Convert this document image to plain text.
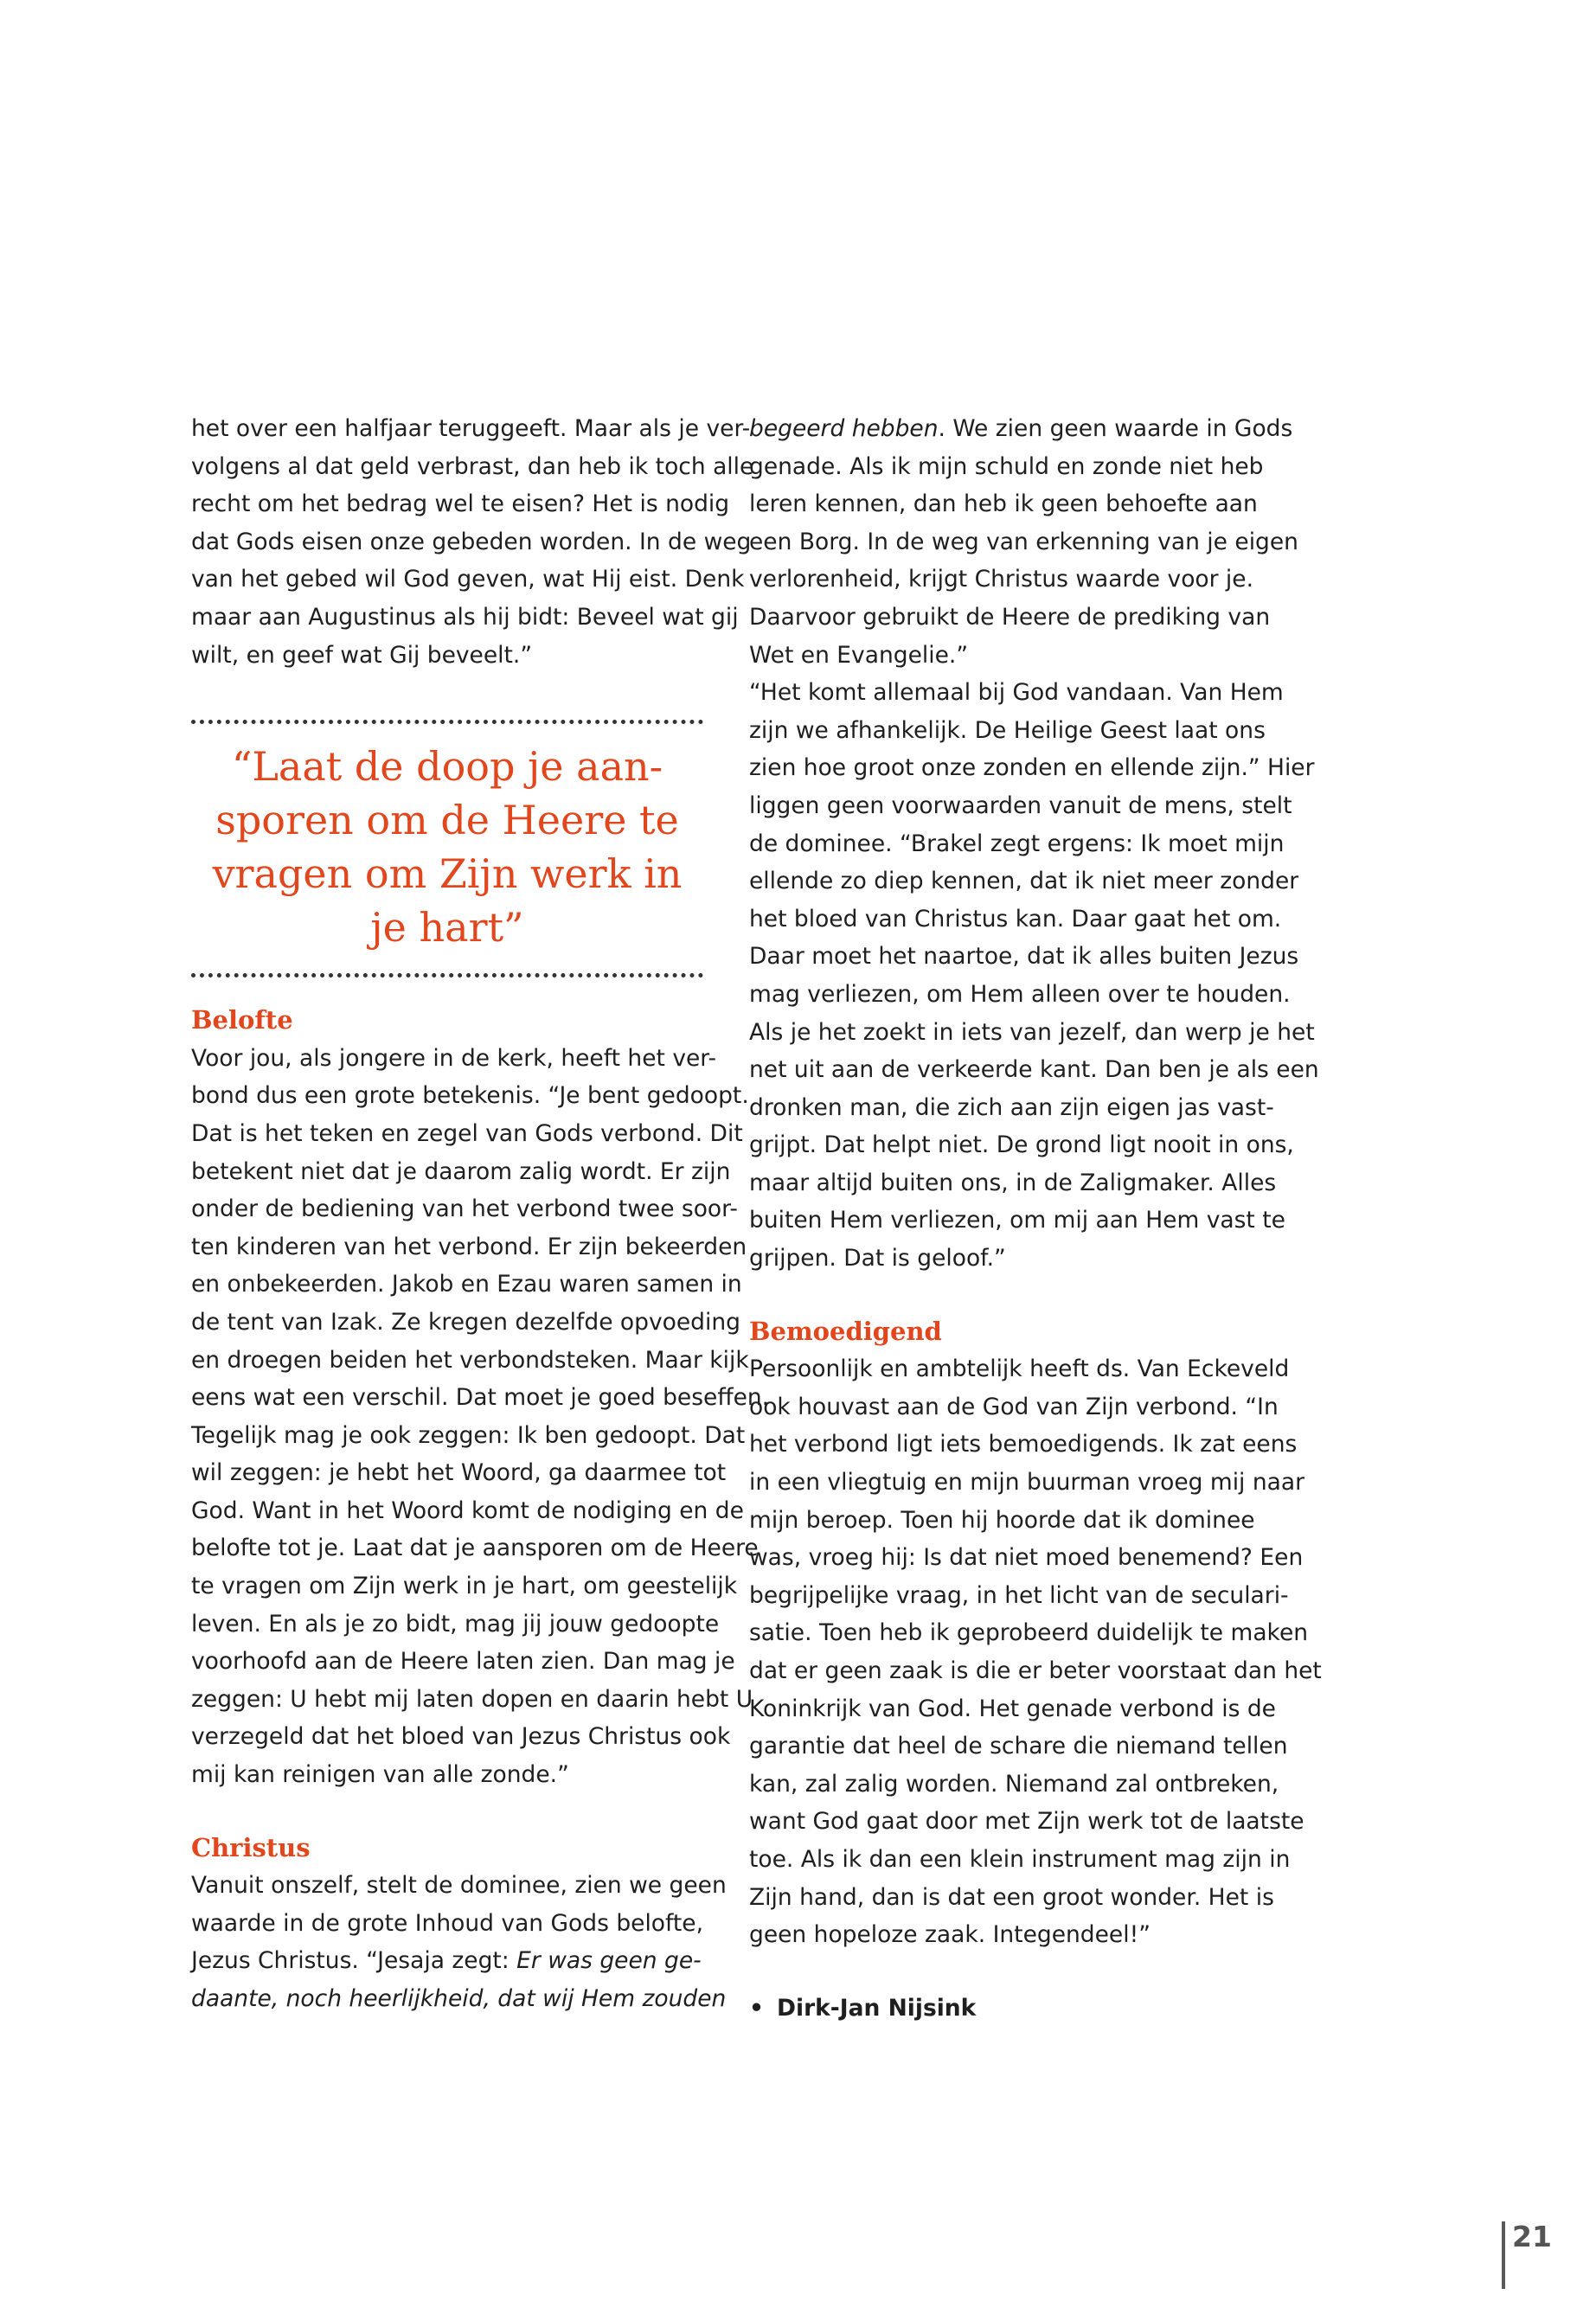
het over een halfjaar teruggeeft. Maar als je ver-

volgens al dat geld verbrast, dan heb ik toch alle

recht om het bedrag wel te eisen? Het is nodig

dat Gods eisen onze gebeden worden. In de weg

van het gebed wil God geven, wat Hij eist. Denk

maar aan Augustinus als hij bidt: Beveel wat gij

wilt, en geef wat Gij beveelt.”

“Laat de doop je aan-
sporen om de Heere te
vragen om Zijn werk in
je hart”
Belofte

Voor jou, als jongere in de kerk, heeft het ver-

bond dus een grote betekenis. “Je bent gedoopt.

Dat is het teken en zegel van Gods verbond. Dit

betekent niet dat je daarom zalig wordt. Er zijn

onder de bediening van het verbond twee soor-

ten kinderen van het verbond. Er zijn bekeerden

en onbekeerden. Jakob en Ezau waren samen in

de tent van Izak. Ze kregen dezelfde opvoeding

en droegen beiden het verbondsteken. Maar kijk

eens wat een verschil. Dat moet je goed beseffen.

Tegelijk mag je ook zeggen: Ik ben gedoopt. Dat

wil zeggen: je hebt het Woord, ga daarmee tot

God. Want in het Woord komt de nodiging en de

belofte tot je. Laat dat je aansporen om de Heere

te vragen om Zijn werk in je hart, om geestelijk

leven. En als je zo bidt, mag jij jouw gedoopte

voorhoofd aan de Heere laten zien. Dan mag je

zeggen: U hebt mij laten dopen en daarin hebt U

verzegeld dat het bloed van Jezus Christus ook

mij kan reinigen van alle zonde.”

Christus

Vanuit onszelf, stelt de dominee, zien we geen

waarde in de grote Inhoud van Gods belofte,

Jezus Christus. “Jesaja zegt: Er was geen ge-

daante, noch heerlijkheid, dat wij Hem zouden

begeerd hebben. We zien geen waarde in Gods

genade. Als ik mijn schuld en zonde niet heb

leren kennen, dan heb ik geen behoefte aan

een Borg. In de weg van erkenning van je eigen

verlorenheid, krijgt Christus waarde voor je.

Daarvoor gebruikt de Heere de prediking van

Wet en Evangelie.”

“Het komt allemaal bij God vandaan. Van Hem

zijn we afhankelijk. De Heilige Geest laat ons

zien hoe groot onze zonden en ellende zijn.” Hier

liggen geen voorwaarden vanuit de mens, stelt

de dominee. “Brakel zegt ergens: Ik moet mijn

ellende zo diep kennen, dat ik niet meer zonder

het bloed van Christus kan. Daar gaat het om.

Daar moet het naartoe, dat ik alles buiten Jezus

mag verliezen, om Hem alleen over te houden.

Als je het zoekt in iets van jezelf, dan werp je het

net uit aan de verkeerde kant. Dan ben je als een

dronken man, die zich aan zijn eigen jas vast-

grijpt. Dat helpt niet. De grond ligt nooit in ons,

maar altijd buiten ons, in de Zaligmaker. Alles

buiten Hem verliezen, om mij aan Hem vast te

grijpen. Dat is geloof.”

Bemoedigend

Persoonlijk en ambtelijk heeft ds. Van Eckeveld

ook houvast aan de God van Zijn verbond. “In

het verbond ligt iets bemoedigends. Ik zat eens

in een vliegtuig en mijn buurman vroeg mij naar

mijn beroep. Toen hij hoorde dat ik dominee

was, vroeg hij: Is dat niet moed benemend? Een

begrijpelijke vraag, in het licht van de seculari-

satie. Toen heb ik geprobeerd duidelijk te maken

dat er geen zaak is die er beter voorstaat dan het

Koninkrijk van God. Het genade verbond is de

garantie dat heel de schare die niemand tellen

kan, zal zalig worden. Niemand zal ontbreken,

want God gaat door met Zijn werk tot de laatste

toe. Als ik dan een klein instrument mag zijn in

Zijn hand, dan is dat een groot wonder. Het is

geen hopeloze zaak. Integendeel!”

• Dirk-Jan Nijsink
21
